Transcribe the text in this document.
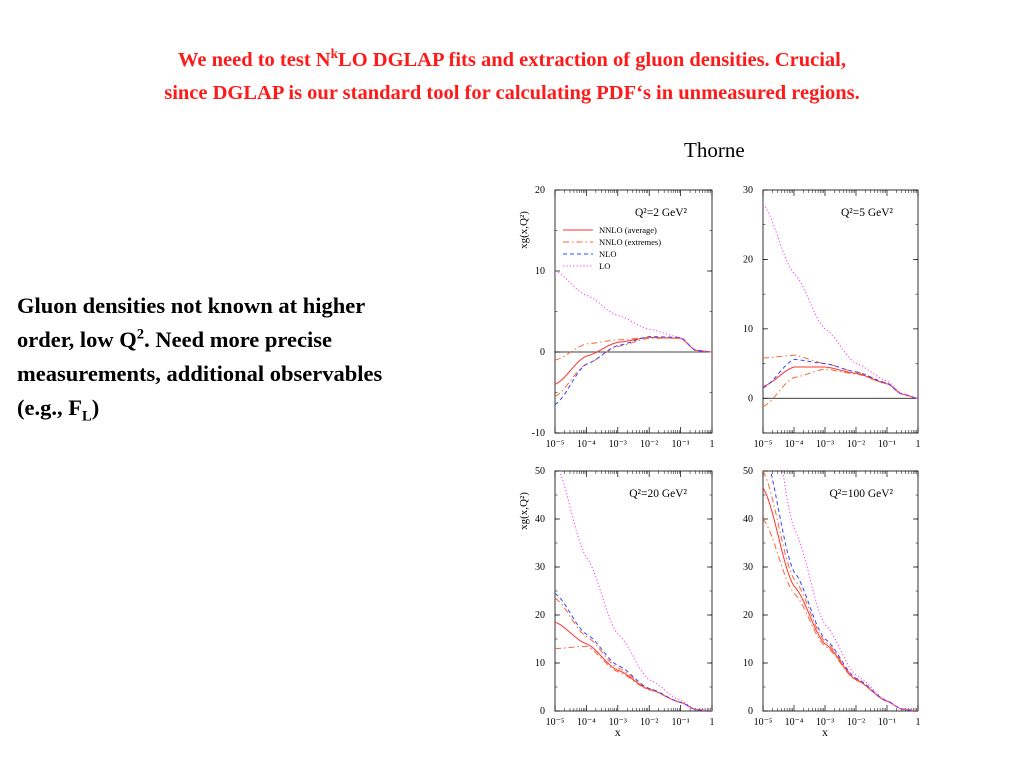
We need to test $N^kLO$ DGLAP fits and extraction of gluon densities. Crucial,
since DGLAP is our standard tool for calculating PDF‘s in unmeasured regions.
Thorne
Gluon densities not known at higher
order, low $Q^2$. Need more precise
measurements, additional observables
(e.g., $F_L$)
-10
0
10
20
10⁻⁵ 10⁻⁴ 10⁻³ 10⁻² 10⁻¹ 1
Q²=2 GeV²
xg(x,Q²)	NNLO (average)
NNLO (extremes)
NLO
LO
0
10
20
30
10⁻⁵ 10⁻⁴ 10⁻³ 10⁻² 10⁻¹ 1
Q²=5 GeV²
0
10
20
30
40
50
10⁻⁵ 10⁻⁴ 10⁻³ 10⁻² 10⁻¹ 1
Q²=20 GeV²
xg(x,Q²)
x
0
10
20
30
40
50
10⁻⁵ 10⁻⁴ 10⁻³ 10⁻² 10⁻¹ 1
Q²=100 GeV²
x
